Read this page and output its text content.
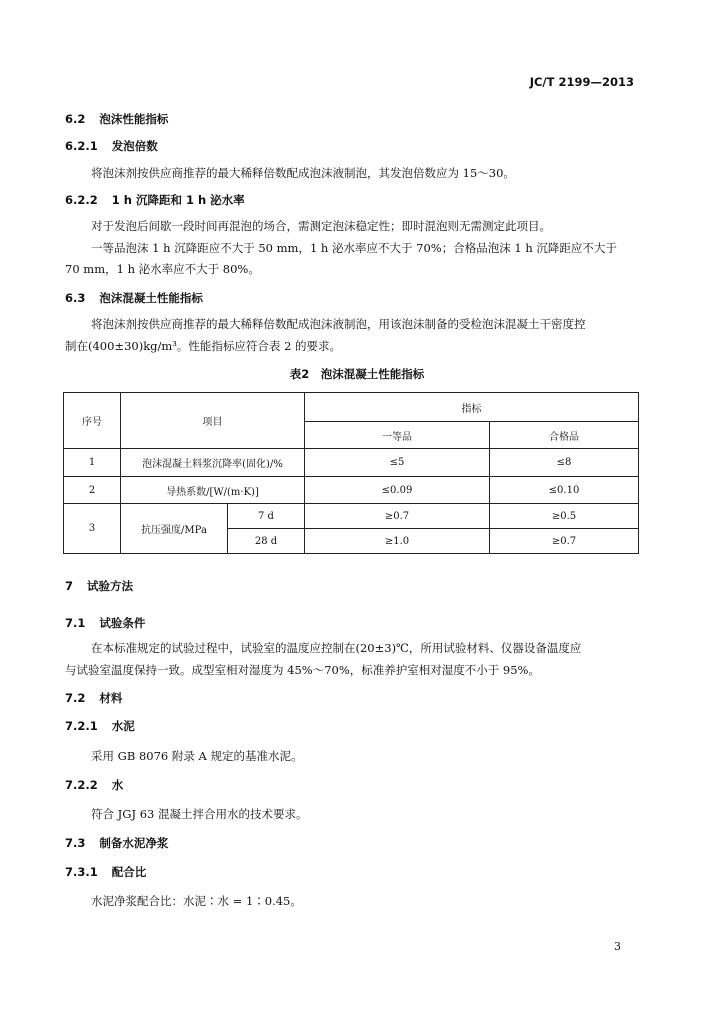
JC/T 2199—2013
6.2 泡沫性能指标
6.2.1 发泡倍数
将泡沫剂按供应商推荐的最大稀释倍数配成泡沫液制泡，其发泡倍数应为 15～30。
6.2.2 1 h 沉降距和 1 h 泌水率
对于发泡后间歇一段时间再混泡的场合，需测定泡沫稳定性；即时混泡则无需测定此项目。
一等品泡沫 1 h 沉降距应不大于 50 mm，1 h 泌水率应不大于 70%；合格品泡沫 1 h 沉降距应不大于
70 mm，1 h 泌水率应不大于 80%。
6.3 泡沫混凝土性能指标
将泡沫剂按供应商推荐的最大稀释倍数配成泡沫液制泡，用该泡沫制备的受检泡沫混凝土干密度控
制在(400±30)kg/m³。性能指标应符合表 2 的要求。
表2　泡沫混凝土性能指标
序号	项目		指标	
			一等品	合格品
1	泡沫混凝土料浆沉降率(固化)/%		≤5	≤8
2	导热系数/[W/(m·K)]		≤0.09	≤0.10
3	抗压强度/MPa	7 d	≥0.7	≥0.5
		28 d	≥1.0	≥0.7
7 试验方法
7.1 试验条件
在本标准规定的试验过程中，试验室的温度应控制在(20±3)℃，所用试验材料、仪器设备温度应
与试验室温度保持一致。成型室相对湿度为 45%～70%，标准养护室相对湿度不小于 95%。
7.2 材料
7.2.1 水泥
采用 GB 8076 附录 A 规定的基准水泥。
7.2.2 水
符合 JGJ 63 混凝土拌合用水的技术要求。
7.3 制备水泥净浆
7.3.1 配合比
水泥净浆配合比：水泥∶水 = 1∶0.45。
3
